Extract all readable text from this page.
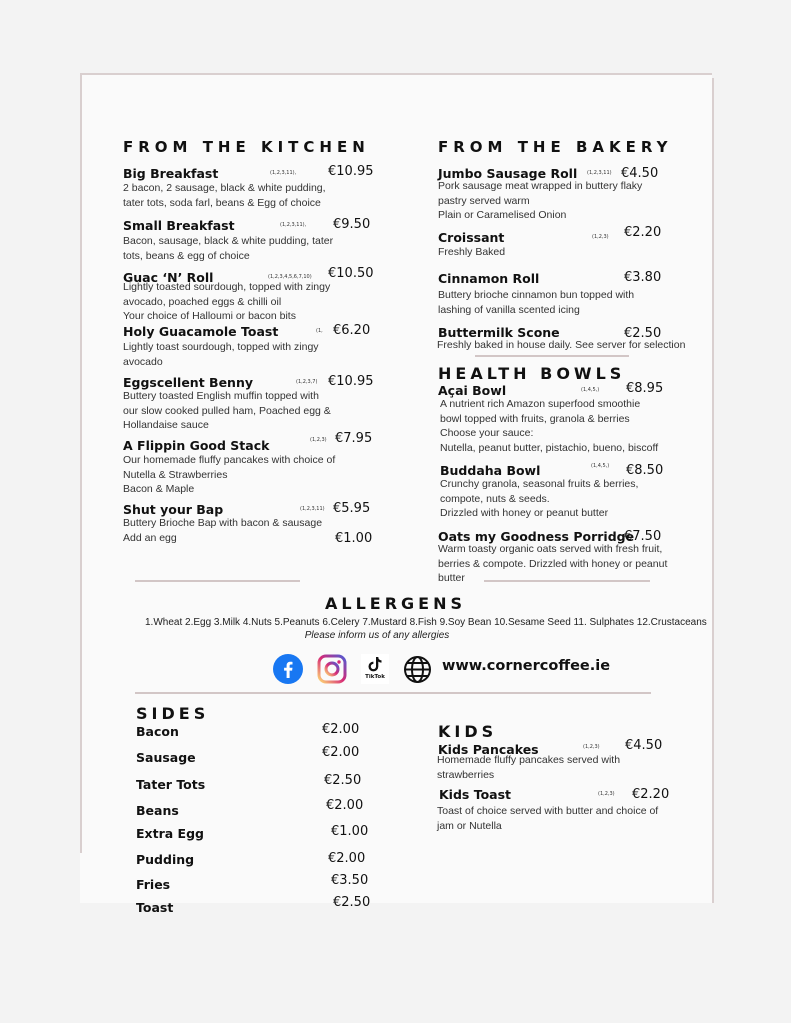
FROM THE KITCHEN
Big Breakfast	(1,2,3,11), €10.95
2 bacon, 2 sausage, black & white pudding,
tater tots, soda farl, beans & Egg of choice
Small Breakfast	(1,2,3,11), €9.50
Bacon, sausage, black & white pudding, tater
tots, beans & egg of choice
Guac ‘N’ Roll	(1,2,3,4,5,6,7,10) €10.50
Lightly toasted sourdough, topped with zingy
avocado, poached eggs & chilli oil
Your choice of Halloumi or bacon bits
Holy Guacamole Toast	(1, €6.20
Lightly toast sourdough, topped with zingy
avocado
Eggscellent Benny	(1,2,3,7) €10.95
Buttery toasted English muffin topped with
our slow cooked pulled ham, Poached egg &
Hollandaise sauce
A Flippin Good Stack	(1,2,3) €7.95
Our homemade fluffy pancakes with choice of
Nutella & Strawberries
Bacon & Maple
Shut your Bap	(1,2,3,11) €5.95
Buttery Brioche Bap with bacon & sausage
Add an egg	€1.00
FROM THE BAKERY
Jumbo Sausage Roll (1,2,3,11) €4.50
Pork sausage meat wrapped in buttery flaky
pastry served warm
Plain or Caramelised Onion
Croissant	(1,2,3) €2.20
Freshly Baked
Cinnamon Roll	€3.80
Buttery brioche cinnamon bun topped with
lashing of vanilla scented icing
Buttermilk Scone	€2.50
Freshly baked in house daily. See server for selection
HEALTH BOWLS
Açai Bowl	(1,4,5,) €8.95
A nutrient rich Amazon superfood smoothie
bowl topped with fruits, granola & berries
Choose your sauce:
Nutella, peanut butter, pistachio, bueno, biscoff
Buddaha Bowl	(1,4,5,) €8.50
Crunchy granola, seasonal fruits & berries,
compote, nuts & seeds.
Drizzled with honey or peanut butter
Oats my Goodness Porridge
€7.50
Warm toasty organic oats served with fresh fruit,
berries & compote. Drizzled with honey or peanut
butter
ALLERGENS
1.Wheat 2.Egg 3.Milk 4.Nuts 5.Peanuts 6.Celery 7.Mustard 8.Fish 9.Soy Bean 10.Sesame Seed 11. Sulphates 12.Crustaceans
Please inform us of any allergies
TikTok
www.cornercoffee.ie
SIDES
Bacon	€2.00
Sausage	€2.00
Tater Tots	€2.50
Beans	€2.00
Extra Egg	€1.00
Pudding	€2.00
Fries	€3.50
Toast	€2.50
KIDS
Kids Pancakes	(1,2,3) €4.50
Homemade fluffy pancakes served with
strawberries
Kids Toast	(1,2,3) €2.20
Toast of choice served with butter and choice of
jam or Nutella
